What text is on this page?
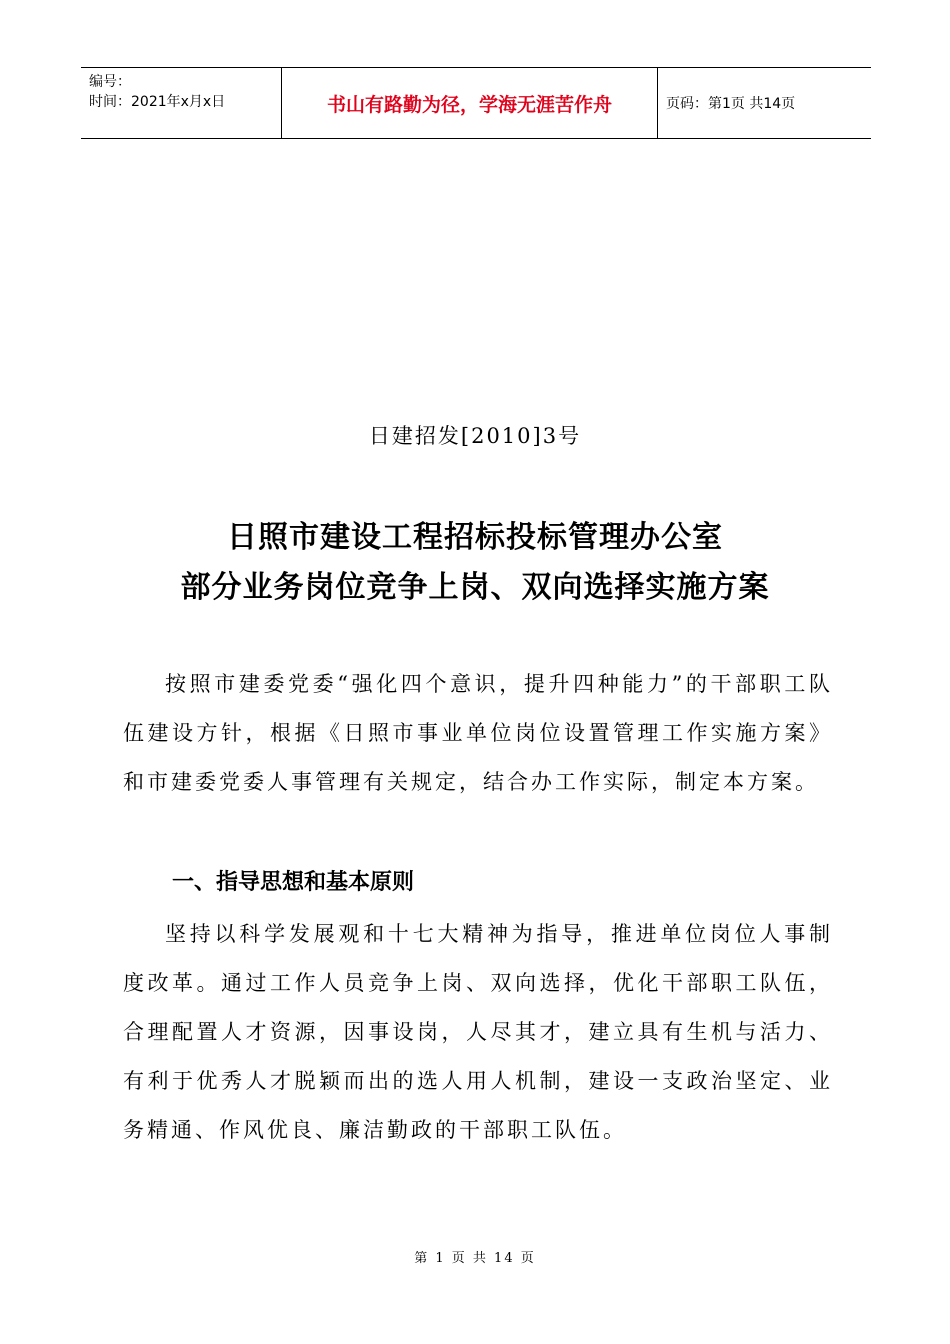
编号：
时间：2021年x月x日	书山有路勤为径，学海无涯苦作舟	页码：第1页 共14页
日建招发[2010]3号
日照市建设工程招标投标管理办公室
部分业务岗位竞争上岗、双向选择实施方案
按照市建委党委“强化四个意识，提升四种能力”的干部职工队伍建设方针，根据《日照市事业单位岗位设置管理工作实施方案》和市建委党委人事管理有关规定，结合办工作实际，制定本方案。
一、指导思想和基本原则
坚持以科学发展观和十七大精神为指导，推进单位岗位人事制度改革。通过工作人员竞争上岗、双向选择，优化干部职工队伍，合理配置人才资源，因事设岗，人尽其才，建立具有生机与活力、有利于优秀人才脱颖而出的选人用人机制，建设一支政治坚定、业务精通、作风优良、廉洁勤政的干部职工队伍。
第 1 页 共 14 页
